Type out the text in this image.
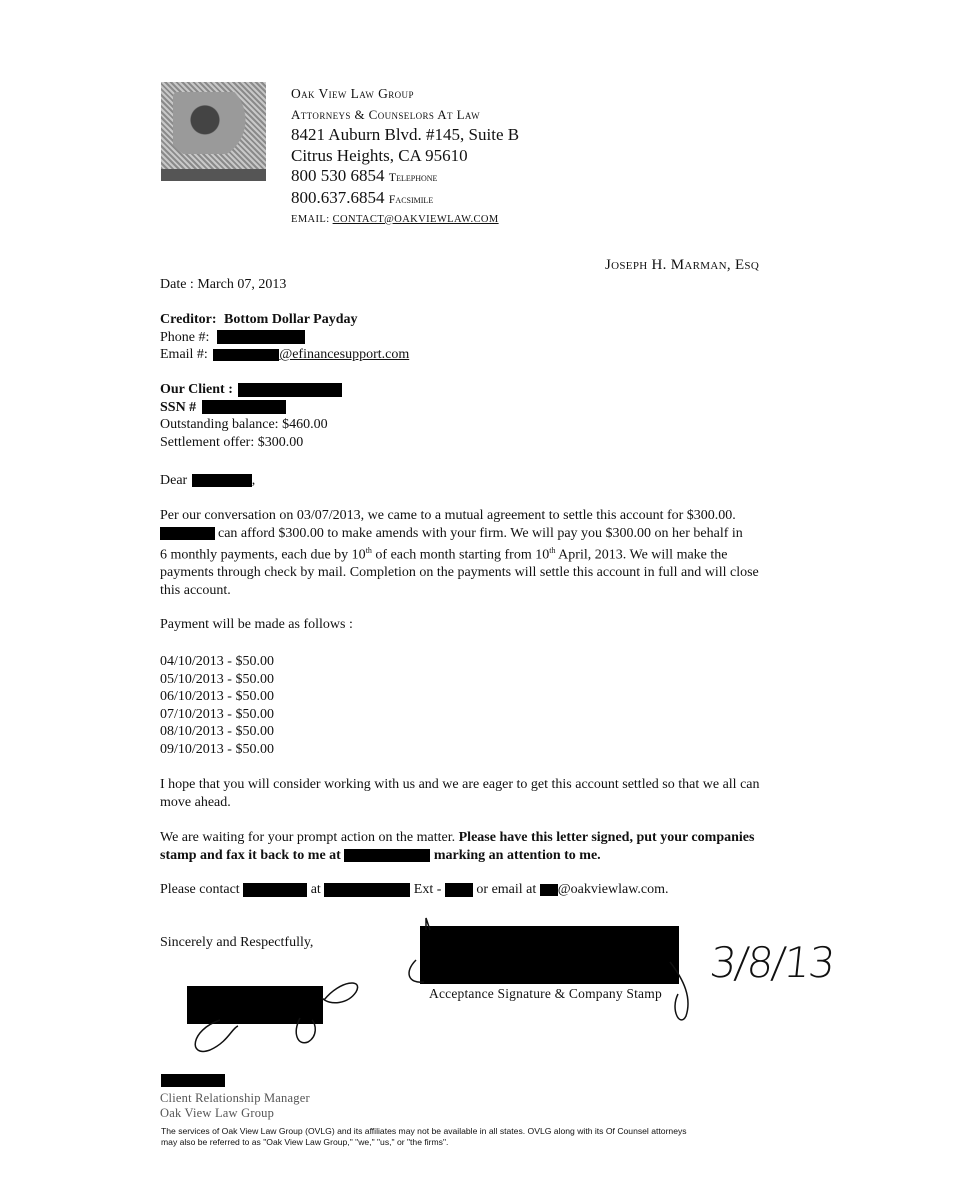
Oak View Law Group
Attorneys & Counselors At Law
8421 Auburn Blvd. #145, Suite B
Citrus Heights, CA 95610
800 530 6854 Telephone
800.637.6854 Facsimile
EMAIL: CONTACT@OAKVIEWLAW.COM
Joseph H. Marman, Esq
Date : March 07, 2013
Creditor: Bottom Dollar Payday
Phone #:
Email #:	@efinancesupport.com
Our Client :
SSN #
Outstanding balance: $460.00
Settlement offer: $300.00
Dear	,
Per our conversation on 03/07/2013, we came to a mutual agreement to settle this account for $300.00.
can afford $300.00 to make amends with your firm. We will pay you $300.00 on her behalf in
6 monthly payments, each due by 10th of each month starting from 10th April, 2013. We will make the
payments through check by mail. Completion on the payments will settle this account in full and will close
this account.
Payment will be made as follows :
04/10/2013 - $50.00
05/10/2013 - $50.00
06/10/2013 - $50.00
07/10/2013 - $50.00
08/10/2013 - $50.00
09/10/2013 - $50.00
I hope that you will consider working with us and we are eager to get this account settled so that we all can
move ahead.
We are waiting for your prompt action on the matter. Please have this letter signed, put your companies
stamp and fax it back to me at	marking an attention to me.
Please contact	at	Ext -	or email at @oakviewlaw.com.
Sincerely and Respectfully,
Acceptance Signature & Company Stamp
3/8/13
Client Relationship Manager
Oak View Law Group
The services of Oak View Law Group (OVLG) and its affiliates may not be available in all states. OVLG along with its Of Counsel attorneys
may also be referred to as "Oak View Law Group," "we," "us," or "the firms".
